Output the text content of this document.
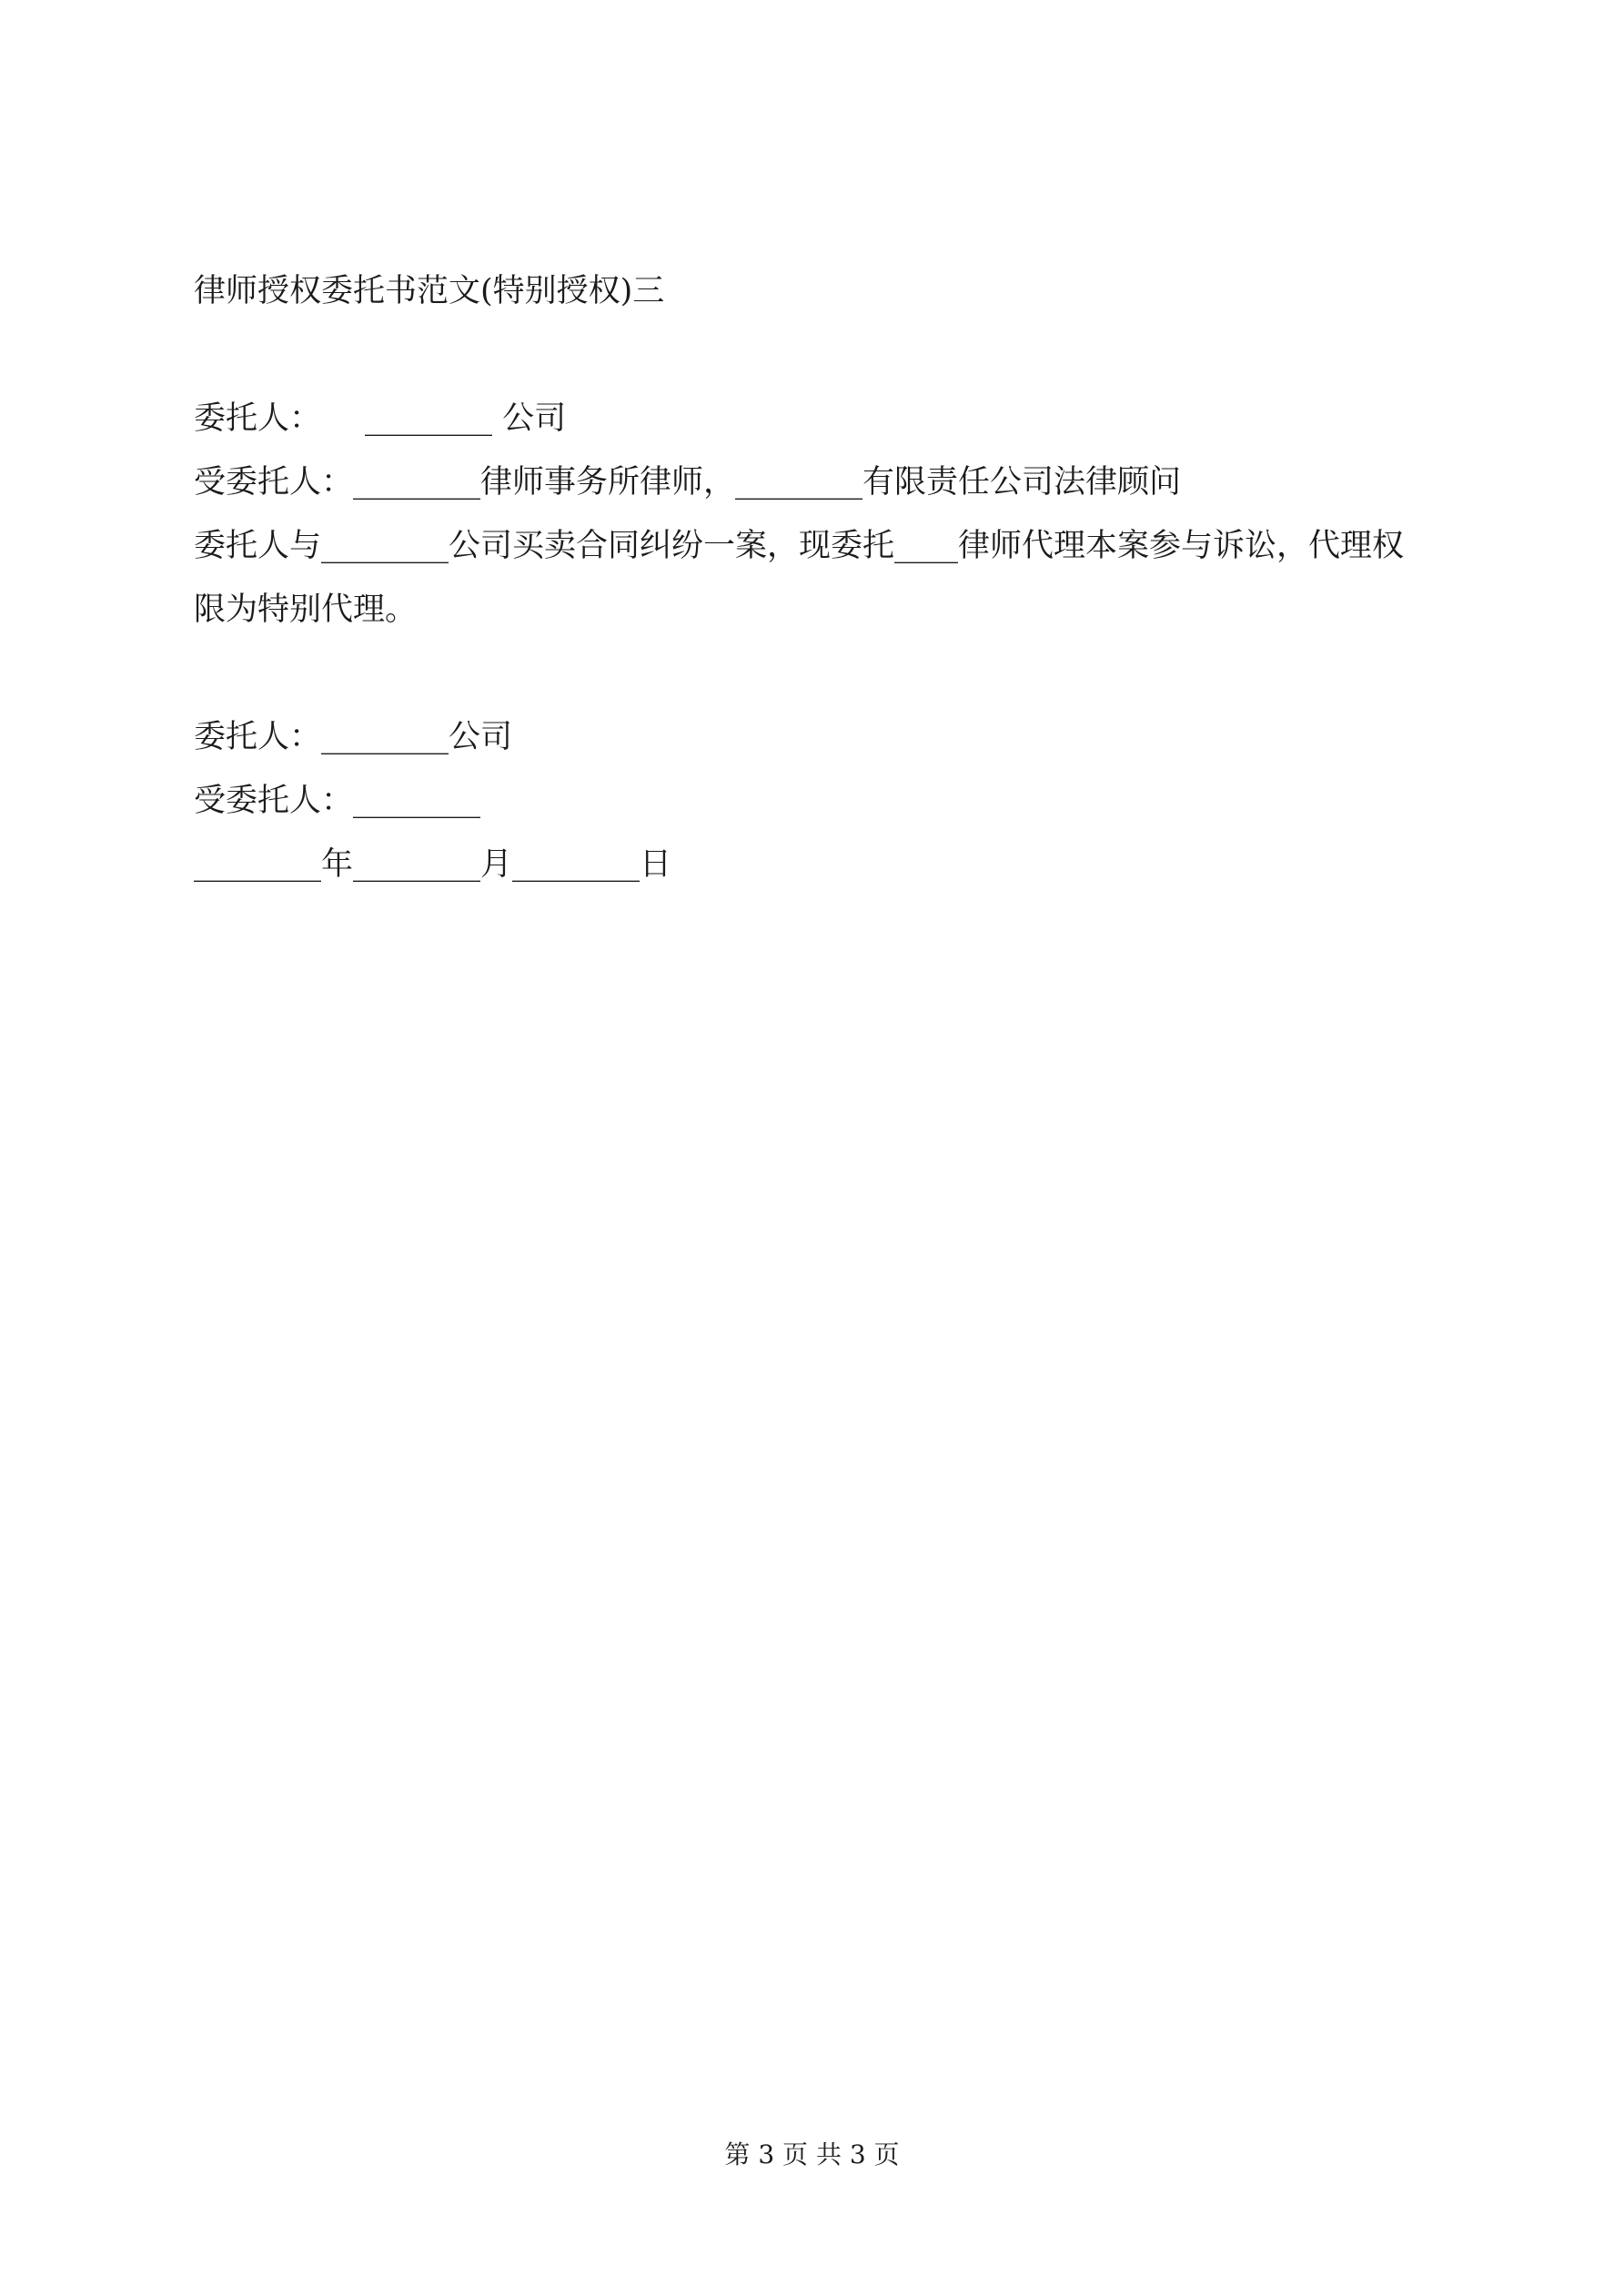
律师授权委托书范文(特别授权)三
委托人： ________ 公司
受委托人：________律师事务所律师，________有限责任公司法律顾问
委托人与________公司买卖合同纠纷一案，现委托____律师代理本案参与诉讼，代理权
限为特别代理。
委托人：________公司
受委托人：________
________年________月________日
第 3 页 共 3 页
